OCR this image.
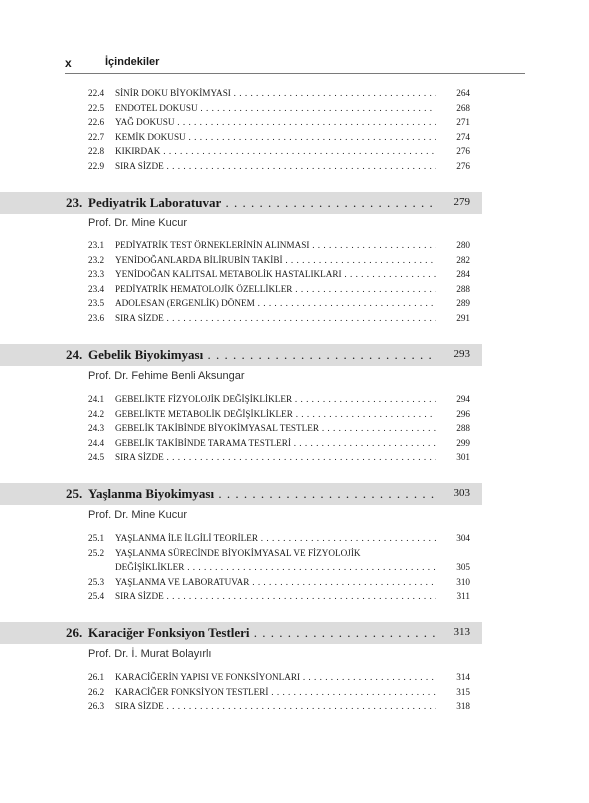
x	İçindekiler
22.4 SİNİR DOKU BİYOKİMYASI . . .	264
22.5 ENDOTEL DOKUSU . . .	268
22.6 YAĞ DOKUSU . . .	271
22.7 KEMİK DOKUSU . . .	274
22.8 KIKIRDAK . . .	276
22.9 SIRA SİZDE . . .	276
23. Pediyatrik Laboratuvar . . .	279
Prof. Dr. Mine Kucur
23.1 PEDİYATRİK TEST ÖRNEKLERİNİN ALINMASI . . .	280
23.2 YENİDOĞANLARDA BİLİRUBİN TAKİBİ . . .	282
23.3 YENİDOĞAN KALITSAL METABOLİK HASTALIKLARI . . .	284
23.4 PEDİYATRİK HEMATOLOJİK ÖZELLİKLER . . .	288
23.5 ADOLESAN (ERGENLİK) DÖNEM . . .	289
23.6 SIRA SİZDE . . .	291
24. Gebelik Biyokimyası . . .	293
Prof. Dr. Fehime Benli Aksungar
24.1 GEBELİKTE FİZYOLOJİK DEĞİŞİKLİKLER . . .	294
24.2 GEBELİKTE METABOLİK DEĞİŞİKLİKLER . . .	296
24.3 GEBELİK TAKİBİNDE BİYOKİMYASAL TESTLER . . .	288
24.4 GEBELİK TAKİBİNDE TARAMA TESTLERİ . . .	299
24.5 SIRA SİZDE . . .	301
25. Yaşlanma Biyokimyası . . .	303
Prof. Dr. Mine Kucur
25.1 YAŞLANMA İLE İLGİLİ TEORİLER . . .	304
25.2 YAŞLANMA SÜRECİNDE BİYOKİMYASAL VE FİZYOLOJİK
DEĞİŞİKLİKLER . . .	305
25.3 YAŞLANMA VE LABORATUVAR . . .	310
25.4 SIRA SİZDE . . .	311
26. Karaciğer Fonksiyon Testleri . . .	313
Prof. Dr. İ. Murat Bolayırlı
26.1 KARACİĞERİN YAPISI VE FONKSİYONLARI . . .	314
26.2 KARACİĞER FONKSİYON TESTLERİ . . .	315
26.3 SIRA SİZDE . . .	318
